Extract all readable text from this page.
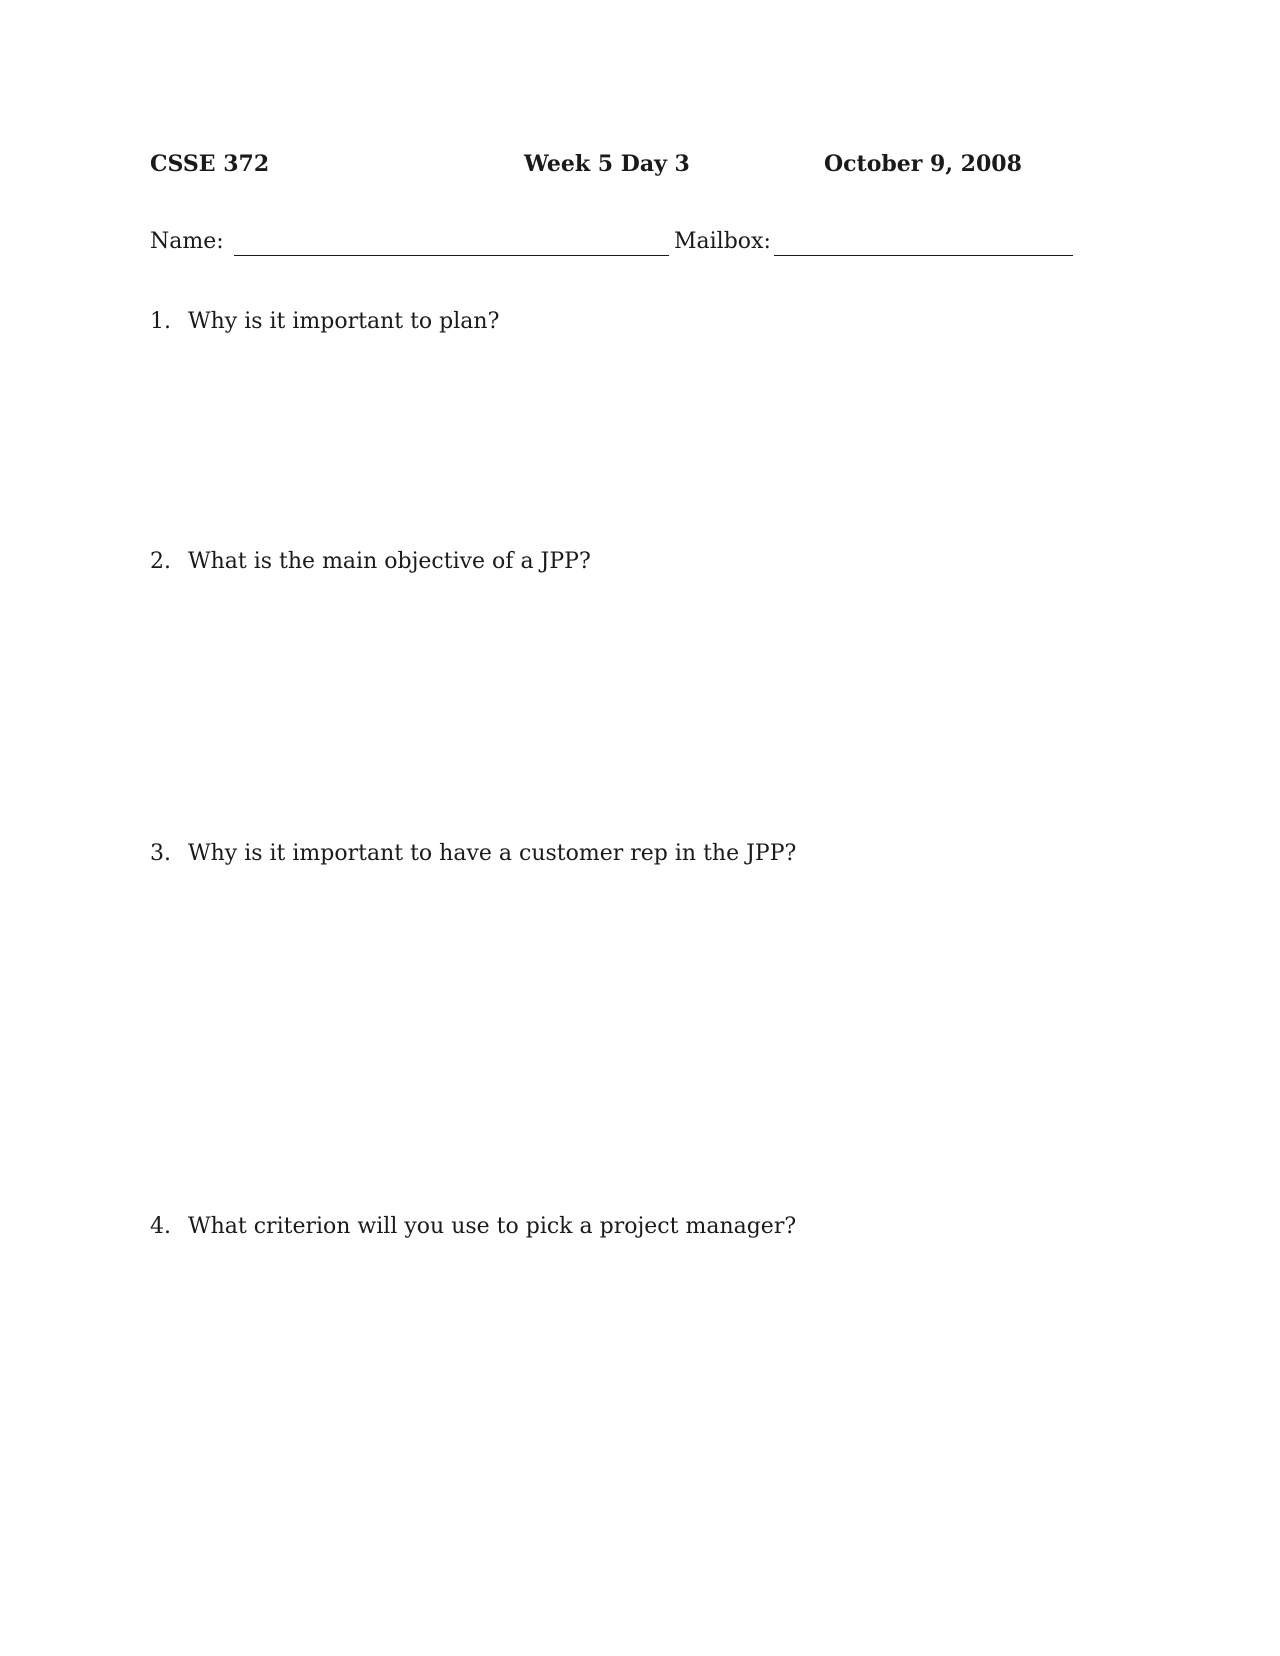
CSSE 372	Week 5 Day 3	October 9, 2008
Name:	Mailbox:
1. Why is it important to plan?
2. What is the main objective of a JPP?
3. Why is it important to have a customer rep in the JPP?
4. What criterion will you use to pick a project manager?
